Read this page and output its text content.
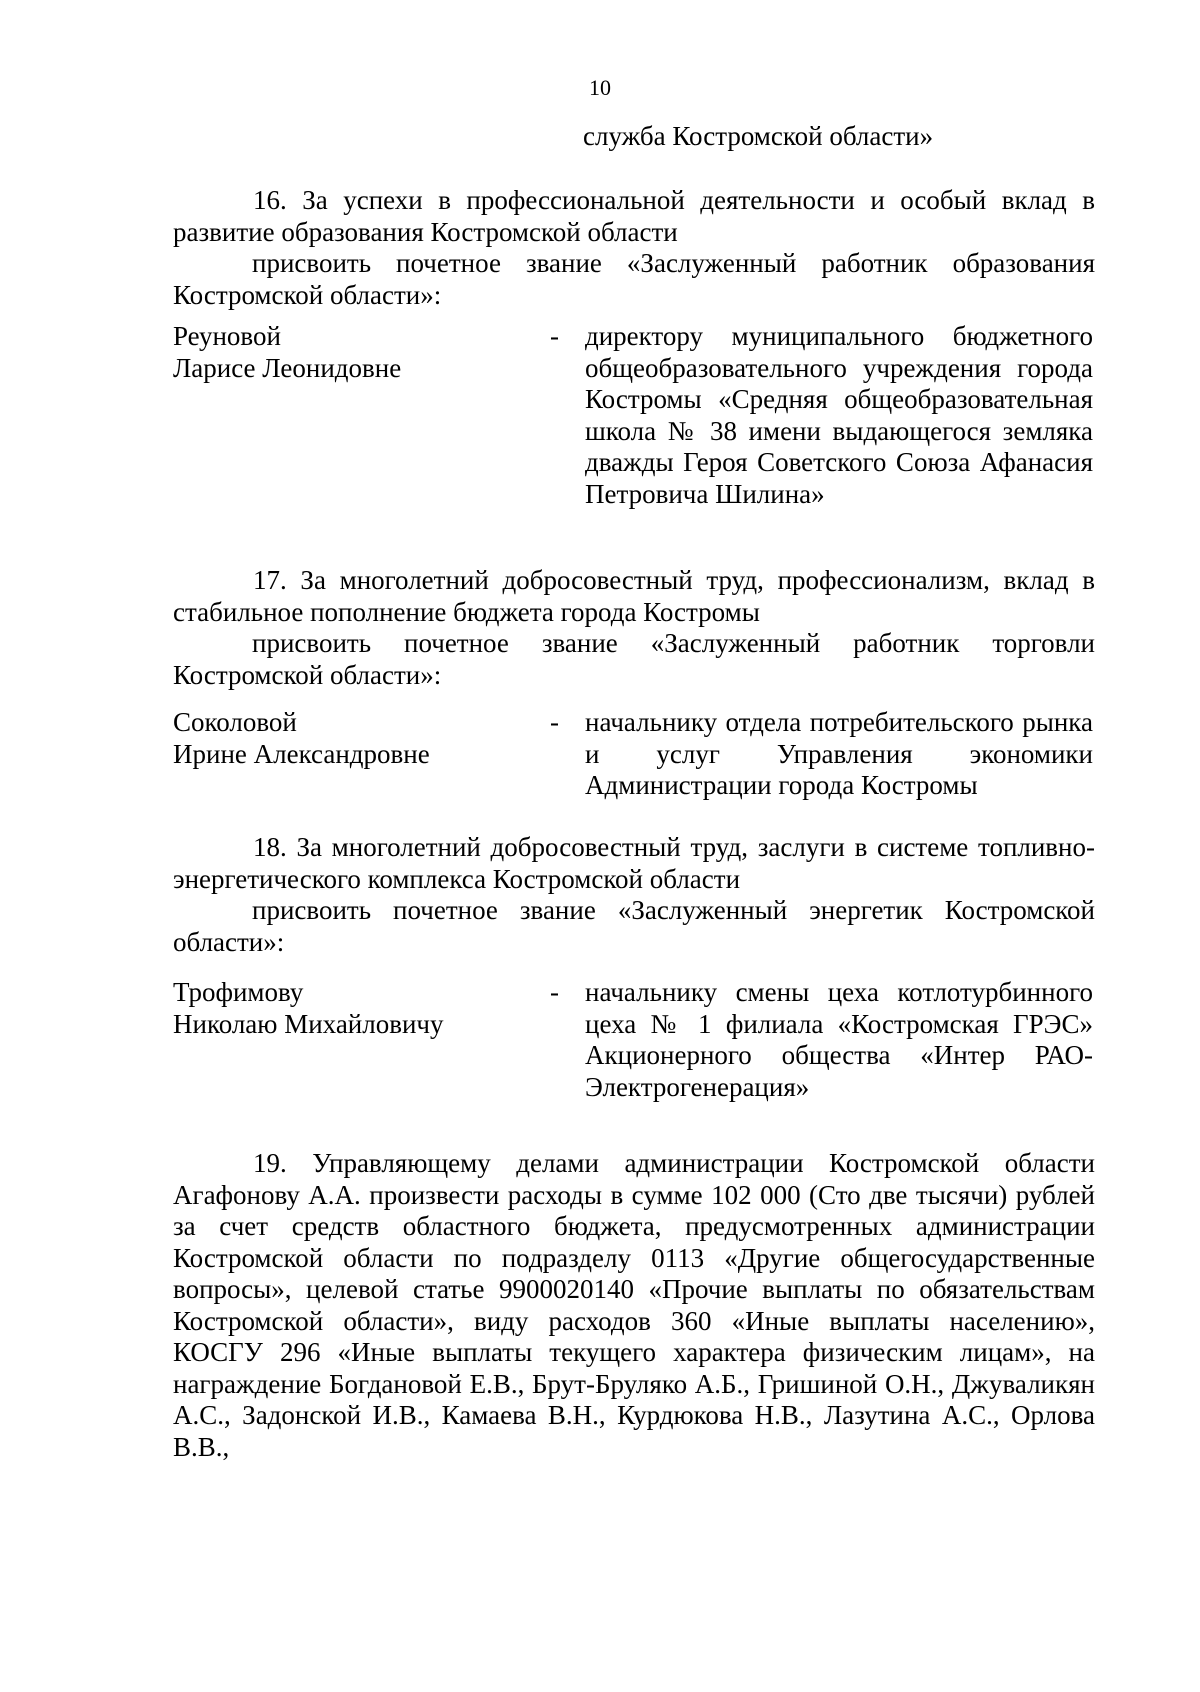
10
служба Костромской области»

16. За успехи в профессиональной деятельности и особый вклад в развитие образования Костромской области

присвоить почетное звание «Заслуженный работник образования Костромской области»:

Реуновой
Ларисе Леонидовне
- директору муниципального бюджетного общеобразовательного учреждения города Костромы «Средняя общеобразовательная школа № 38 имени выдающегося земляка дважды Героя Советского Союза Афанасия Петровича Шилина»

17. За многолетний добросовестный труд, профессионализм, вклад в стабильное пополнение бюджета города Костромы

присвоить почетное звание «Заслуженный работник торговли Костромской области»:

Соколовой
Ирине Александровне
- начальнику отдела потребительского рынка и услуг Управления экономики Администрации города Костромы

18. За многолетний добросовестный труд, заслуги в системе топливно-энергетического комплекса Костромской области

присвоить почетное звание «Заслуженный энергетик Костромской области»:

Трофимову
Николаю Михайловичу
- начальнику смены цеха котлотурбинного цеха № 1 филиала «Костромская ГРЭС» Акционерного общества «Интер РАО-Электрогенерация»

19. Управляющему делами администрации Костромской области Агафонову А.А. произвести расходы в сумме 102 000 (Сто две тысячи) рублей за счет средств областного бюджета, предусмотренных администрации Костромской области по подразделу 0113 «Другие общегосударственные вопросы», целевой статье 9900020140 «Прочие выплаты по обязательствам Костромской области», виду расходов 360 «Иные выплаты населению», КОСГУ 296 «Иные выплаты текущего характера физическим лицам», на награждение Богдановой Е.В., Брут-Бруляко А.Б., Гришиной О.Н., Джуваликян А.С., Задонской И.В., Камаева В.Н., Курдюкова Н.В., Лазутина А.С., Орлова В.В.,
